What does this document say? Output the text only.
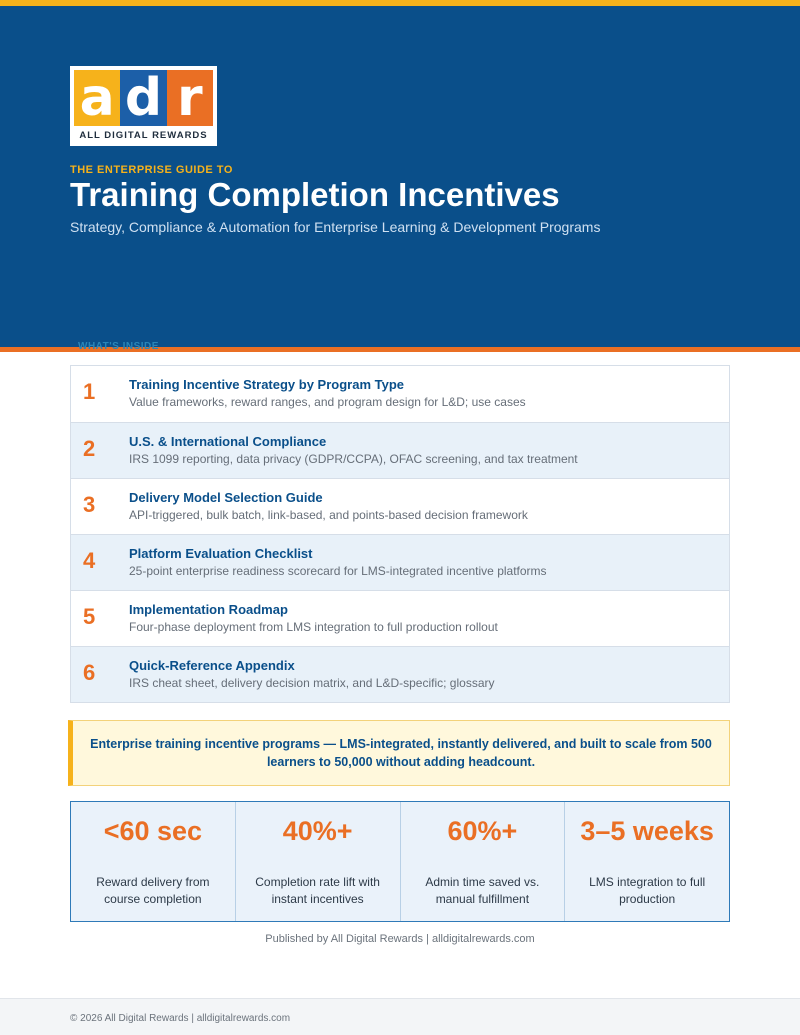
a d r
ALL DIGITAL REWARDS
THE ENTERPRISE GUIDE TO
Training Completion Incentives
Strategy, Compliance & Automation for Enterprise Learning & Development Programs
WHAT'S INSIDE
1	Training Incentive Strategy by Program Type
Value frameworks, reward ranges, and program design for L&D; use cases
2	U.S. & International Compliance
IRS 1099 reporting, data privacy (GDPR/CCPA), OFAC screening, and tax treatment
3	Delivery Model Selection Guide
API-triggered, bulk batch, link-based, and points-based decision framework
4	Platform Evaluation Checklist
25-point enterprise readiness scorecard for LMS-integrated incentive platforms
5	Implementation Roadmap
Four-phase deployment from LMS integration to full production rollout
6	Quick-Reference Appendix
IRS cheat sheet, delivery decision matrix, and L&D-specific; glossary

Enterprise training incentive programs — LMS-integrated, instantly delivered, and built to scale from 500 learners to 50,000 without adding headcount.

<60 sec
Reward delivery from course completion
40%+
Completion rate lift with instant incentives
60%+
Admin time saved vs. manual fulfillment
3–5 weeks
LMS integration to full production
Published by All Digital Rewards | alldigitalrewards.com
© 2026 All Digital Rewards | alldigitalrewards.com
